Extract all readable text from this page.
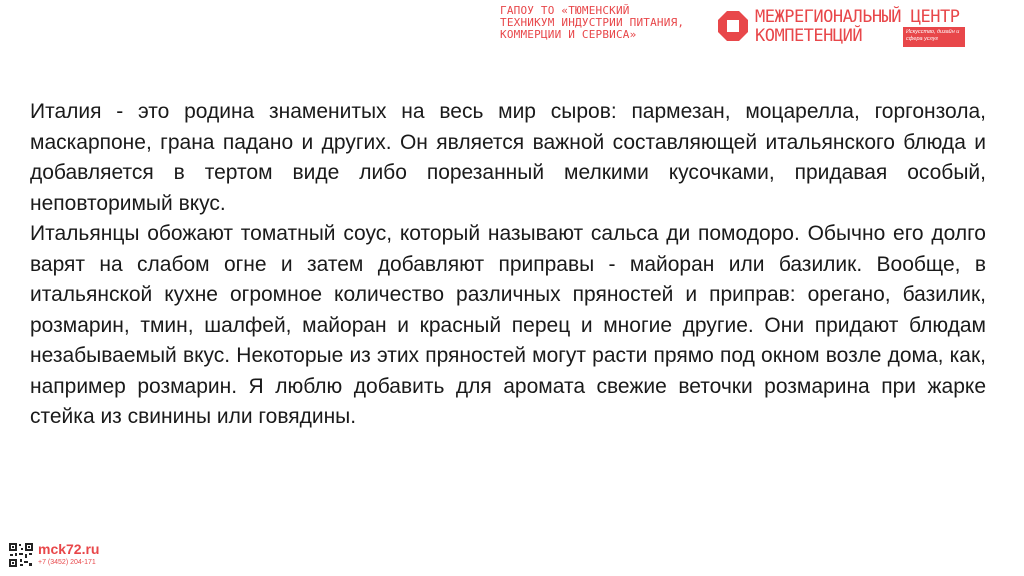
ГАПОУ ТО «ТЮМЕНСКИЙ
ТЕХНИКУМ ИНДУСТРИИ ПИТАНИЯ,
КОММЕРЦИИ И СЕРВИСА»
МЕЖРЕГИОНАЛЬНЫЙ ЦЕНТР
КОМПЕТЕНЦИЙ	Искусство, дизайн и сфера услуг

Италия - это родина знаменитых на весь мир сыров: пармезан, моцарелла, горгонзола, маскарпоне, грана падано и других. Он является важной составляющей итальянского блюда и добавляется в тертом виде либо порезанный мелкими кусочками, придавая особый, неповторимый вкус.

Итальянцы обожают томатный соус, который называют сальса ди помодоро. Обычно его долго варят на слабом огне и затем добавляют приправы - майоран или базилик. Вообще, в итальянской кухне огромное количество различных пряностей и приправ: орегано, базилик, розмарин, тмин, шалфей, майоран и красный перец и многие другие. Они придают блюдам незабываемый вкус. Некоторые из этих пряностей могут расти прямо под окном возле дома, как, например розмарин. Я люблю добавить для аромата свежие веточки розмарина при жарке стейка из свинины или говядины.

mck72.ru
+7 (3452) 204-171
